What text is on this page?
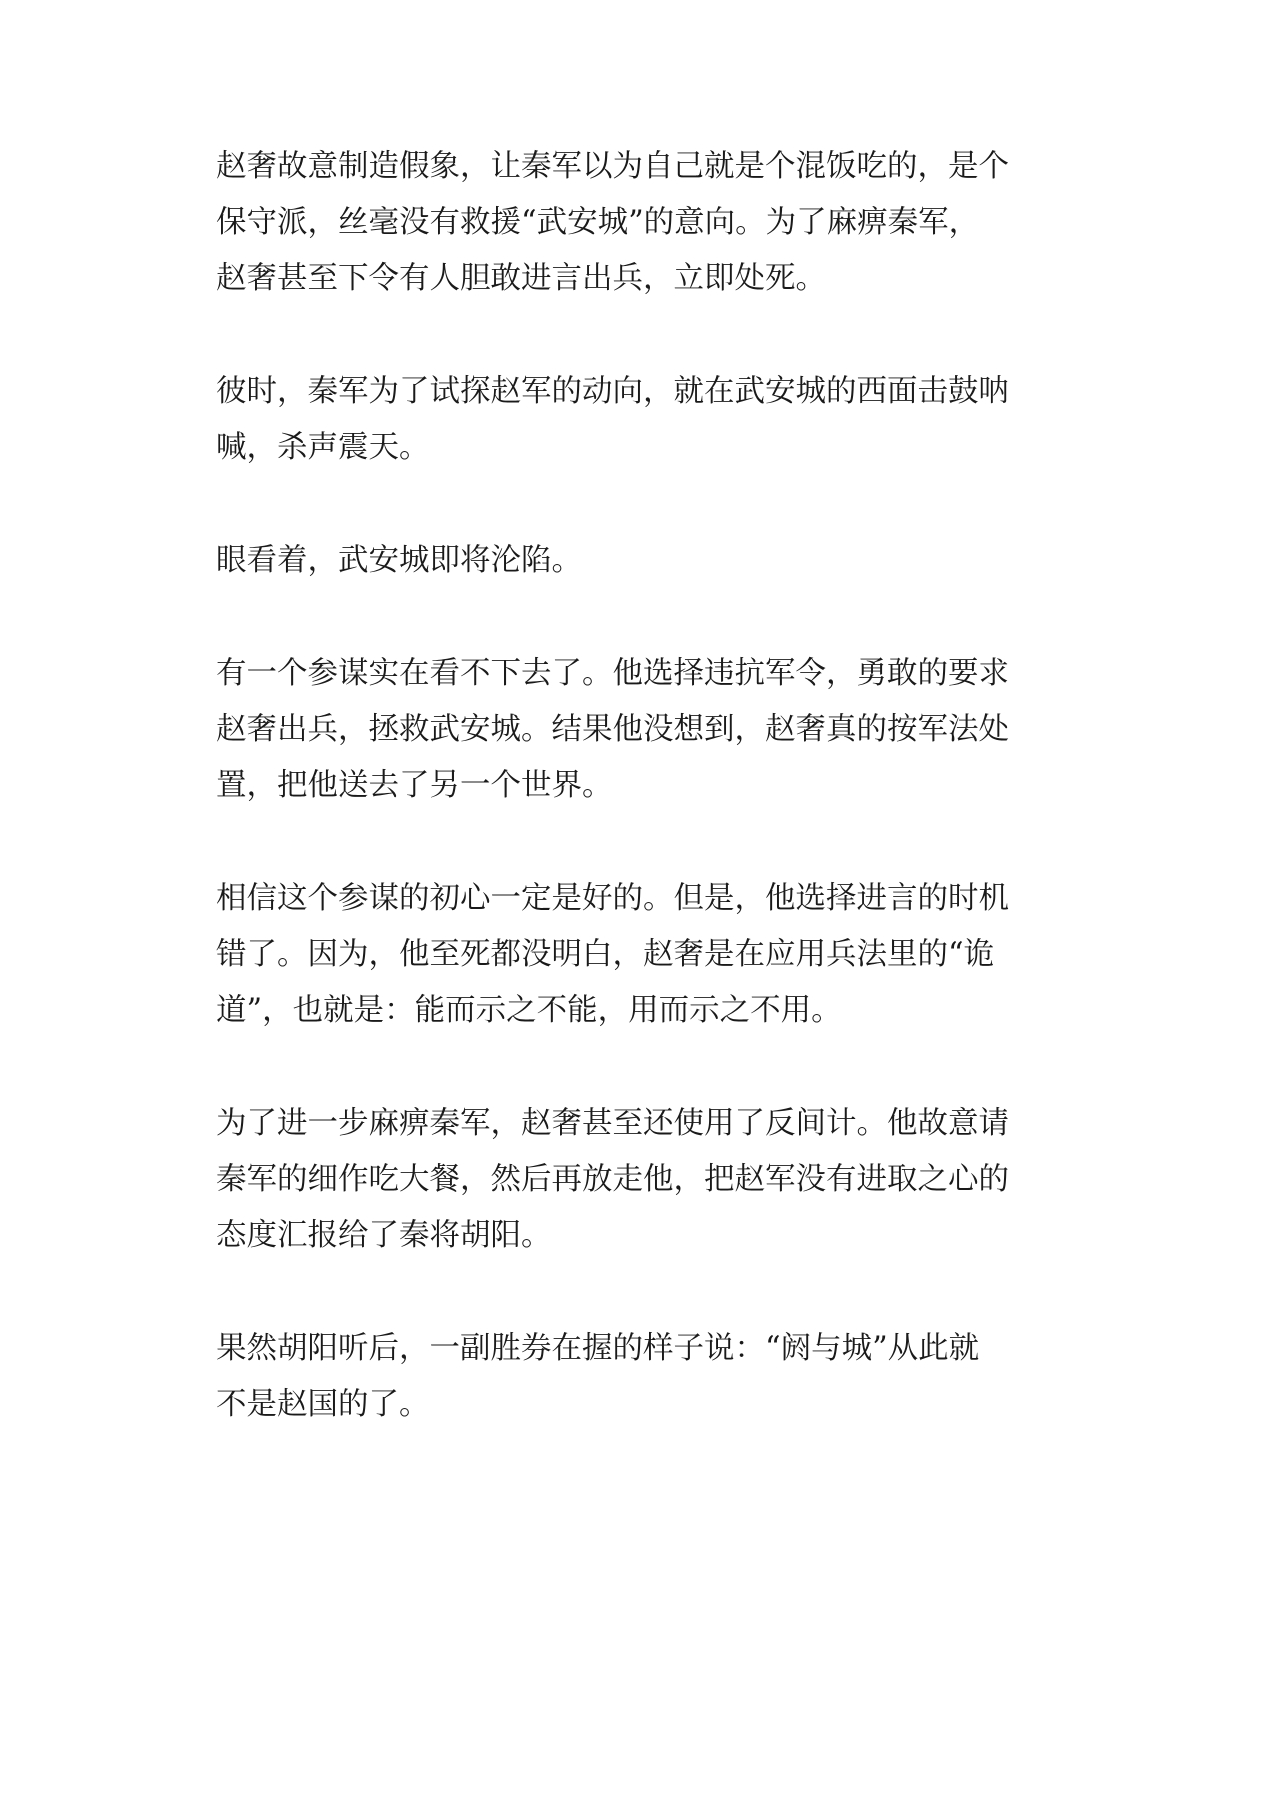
赵奢故意制造假象，让秦军以为自己就是个混饭吃的，是个
保守派，丝毫没有救援“武安城”的意向。为了麻痹秦军，
赵奢甚至下令有人胆敢进言出兵，立即处死。

彼时，秦军为了试探赵军的动向，就在武安城的西面击鼓呐
喊，杀声震天。

眼看着，武安城即将沦陷。

有一个参谋实在看不下去了。他选择违抗军令，勇敢的要求
赵奢出兵，拯救武安城。结果他没想到，赵奢真的按军法处
置，把他送去了另一个世界。

相信这个参谋的初心一定是好的。但是，他选择进言的时机
错了。因为，他至死都没明白，赵奢是在应用兵法里的“诡
道”，也就是：能而示之不能，用而示之不用。

为了进一步麻痹秦军，赵奢甚至还使用了反间计。他故意请
秦军的细作吃大餐，然后再放走他，把赵军没有进取之心的
态度汇报给了秦将胡阳。

果然胡阳听后，一副胜券在握的样子说：“阏与城”从此就
不是赵国的了。
